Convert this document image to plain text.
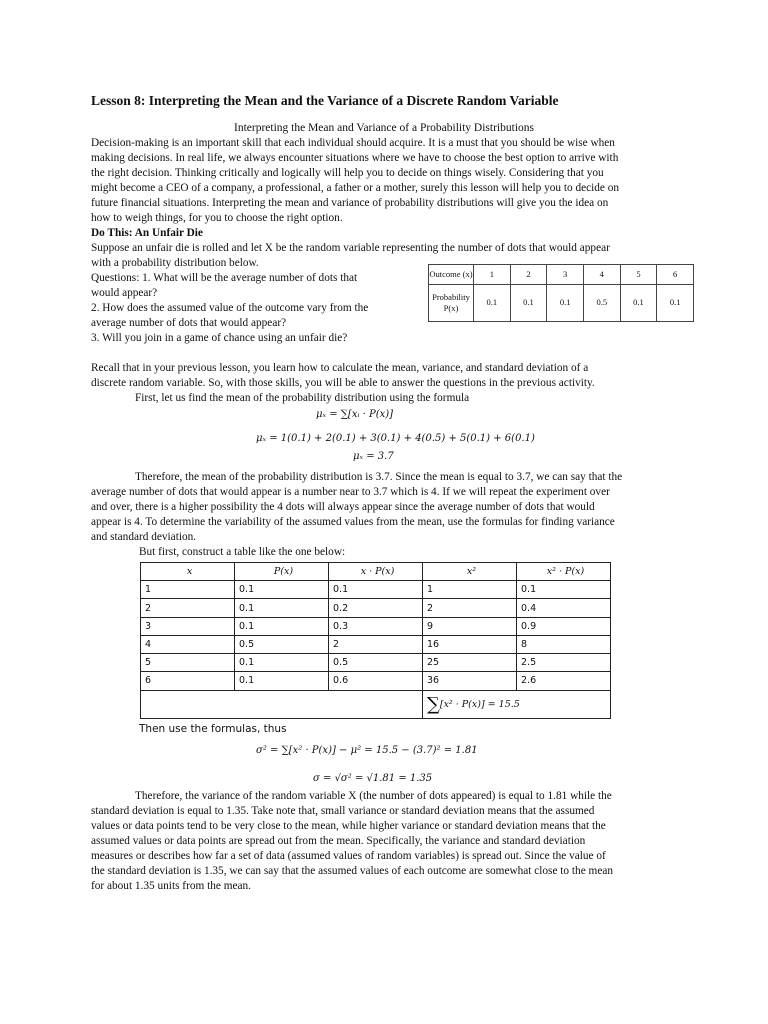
Lesson 8: Interpreting the Mean and the Variance of a Discrete Random Variable

Interpreting the Mean and Variance of a Probability Distributions

Decision-making is an important skill that each individual should acquire. It is a must that you should be wise when

making decisions. In real life, we always encounter situations where we have to choose the best option to arrive with

the right decision. Thinking critically and logically will help you to decide on things wisely. Considering that you

might become a CEO of a company, a professional, a father or a mother, surely this lesson will help you to decide on

future financial situations. Interpreting the mean and variance of probability distributions will give you the idea on

how to weigh things, for you to choose the right option.

Do This: An Unfair Die

Suppose an unfair die is rolled and let X be the random variable representing the number of dots that would appear

with a probability distribution below.

Questions: 1. What will be the average number of dots that

would appear?

2. How does the assumed value of the outcome vary from the

average number of dots that would appear?

3. Will you join in a game of chance using an unfair die?

Outcome (x)	1	2	3	4	5	6
Probability P(x)	0.1	0.1	0.1	0.5	0.1	0.1

Recall that in your previous lesson, you learn how to calculate the mean, variance, and standard deviation of a

discrete random variable. So, with those skills, you will be able to answer the questions in the previous activity.

First, let us find the mean of the probability distribution using the formula

μₓ = ∑[xᵢ · P(x)]

μₓ = 1(0.1) + 2(0.1) + 3(0.1) + 4(0.5) + 5(0.1) + 6(0.1)

μₓ = 3.7

Therefore, the mean of the probability distribution is 3.7. Since the mean is equal to 3.7, we can say that the

average number of dots that would appear is a number near to 3.7 which is 4. If we will repeat the experiment over

and over, there is a higher possibility the 4 dots will always appear since the average number of dots that would

appear is 4. To determine the variability of the assumed values from the mean, use the formulas for finding variance

and standard deviation.

But first, construct a table like the one below:

x	P(x)	x · P(x)	x²	x² · P(x)
1	0.1	0.1	1	0.1
2	0.1	0.2	2	0.4
3	0.1	0.3	9	0.9
4	0.5	2	16	8
5	0.1	0.5	25	2.5
6	0.1	0.6	36	2.6
			∑[x² · P(x)] = 15.5	

Then use the formulas, thus

σ² = ∑[x² · P(x)] − μ² = 15.5 − (3.7)² = 1.81

σ = √σ² = √1.81 = 1.35

Therefore, the variance of the random variable X (the number of dots appeared) is equal to 1.81 while the

standard deviation is equal to 1.35. Take note that, small variance or standard deviation means that the assumed

values or data points tend to be very close to the mean, while higher variance or standard deviation means that the

assumed values or data points are spread out from the mean. Specifically, the variance and standard deviation

measures or describes how far a set of data (assumed values of random variables) is spread out. Since the value of

the standard deviation is 1.35, we can say that the assumed values of each outcome are somewhat close to the mean

for about 1.35 units from the mean.
